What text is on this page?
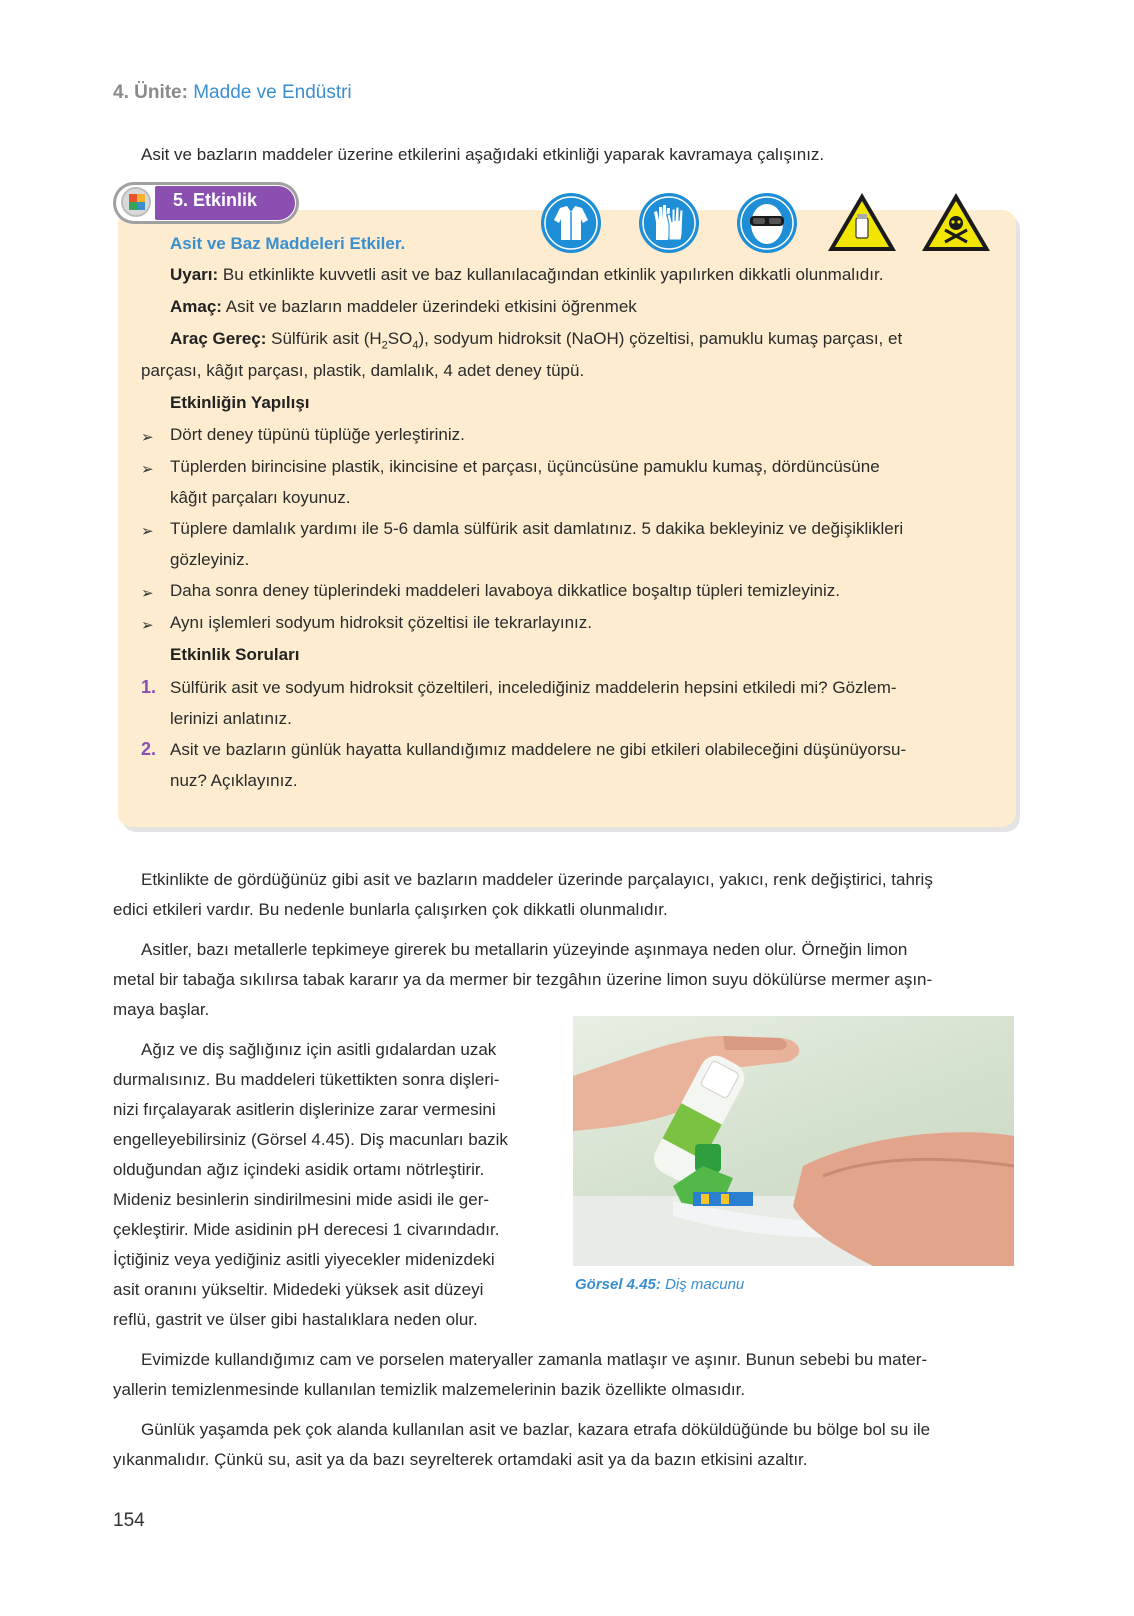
4. Ünite: Madde ve Endüstri
Asit ve bazların maddeler üzerine etkilerini aşağıdaki etkinliği yaparak kavramaya çalışınız.
5. Etkinlik
Asit ve Baz Maddeleri Etkiler.
Uyarı: Bu etkinlikte kuvvetli asit ve baz kullanılacağından etkinlik yapılırken dikkatli olunmalıdır.
Amaç: Asit ve bazların maddeler üzerindeki etkisini öğrenmek
Araç Gereç: Sülfürik asit $(H_2SO_4)$, sodyum hidroksit (NaOH) çözeltisi, pamuklu kumaş parçası, et
parçası, kâğıt parçası, plastik, damlalık, 4 adet deney tüpü.
Etkinliğin Yapılışı
➢ Dört deney tüpünü tüplüğe yerleştiriniz.
➢ Tüplerden birincisine plastik, ikincisine et parçası, üçüncüsüne pamuklu kumaş, dördüncüsüne
kâğıt parçaları koyunuz.
➢ Tüplere damlalık yardımı ile 5-6 damla sülfürik asit damlatınız. 5 dakika bekleyiniz ve değişiklikleri
gözleyiniz.
➢ Daha sonra deney tüplerindeki maddeleri lavaboya dikkatlice boşaltıp tüpleri temizleyiniz.
➢ Aynı işlemleri sodyum hidroksit çözeltisi ile tekrarlayınız.
Etkinlik Soruları
1. Sülfürik asit ve sodyum hidroksit çözeltileri, incelediğiniz maddelerin hepsini etkiledi mi? Gözlem-
lerinizi anlatınız.
2. Asit ve bazların günlük hayatta kullandığımız maddelere ne gibi etkileri olabileceğini düşünüyorsu-
nuz? Açıklayınız.
Etkinlikte de gördüğünüz gibi asit ve bazların maddeler üzerinde parçalayıcı, yakıcı, renk değiştirici, tahriş
edici etkileri vardır. Bu nedenle bunlarla çalışırken çok dikkatli olunmalıdır.
Asitler, bazı metallerle tepkimeye girerek bu metallarin yüzeyinde aşınmaya neden olur. Örneğin limon
metal bir tabağa sıkılırsa tabak kararır ya da mermer bir tezgâhın üzerine limon suyu dökülürse mermer aşın-
maya başlar.
Ağız ve diş sağlığınız için asitli gıdalardan uzak
durmalısınız. Bu maddeleri tükettikten sonra dişleri-
nizi fırçalayarak asitlerin dişlerinize zarar vermesini
engelleyebilirsiniz (Görsel 4.45). Diş macunları bazik
olduğundan ağız içindeki asidik ortamı nötrleştirir.
Mideniz besinlerin sindirilmesini mide asidi ile ger-
çekleştirir. Mide asidinin pH derecesi 1 civarındadır.
İçtiğiniz veya yediğiniz asitli yiyecekler midenizdeki
asit oranını yükseltir. Midedeki yüksek asit düzeyi
reflü, gastrit ve ülser gibi hastalıklara neden olur.
Görsel 4.45: Diş macunu
Evimizde kullandığımız cam ve porselen materyaller zamanla matlaşır ve aşınır. Bunun sebebi bu mater-
yallerin temizlenmesinde kullanılan temizlik malzemelerinin bazik özellikte olmasıdır.
Günlük yaşamda pek çok alanda kullanılan asit ve bazlar, kazara etrafa döküldüğünde bu bölge bol su ile
yıkanmalıdır. Çünkü su, asit ya da bazı seyrelterek ortamdaki asit ya da bazın etkisini azaltır.
154
